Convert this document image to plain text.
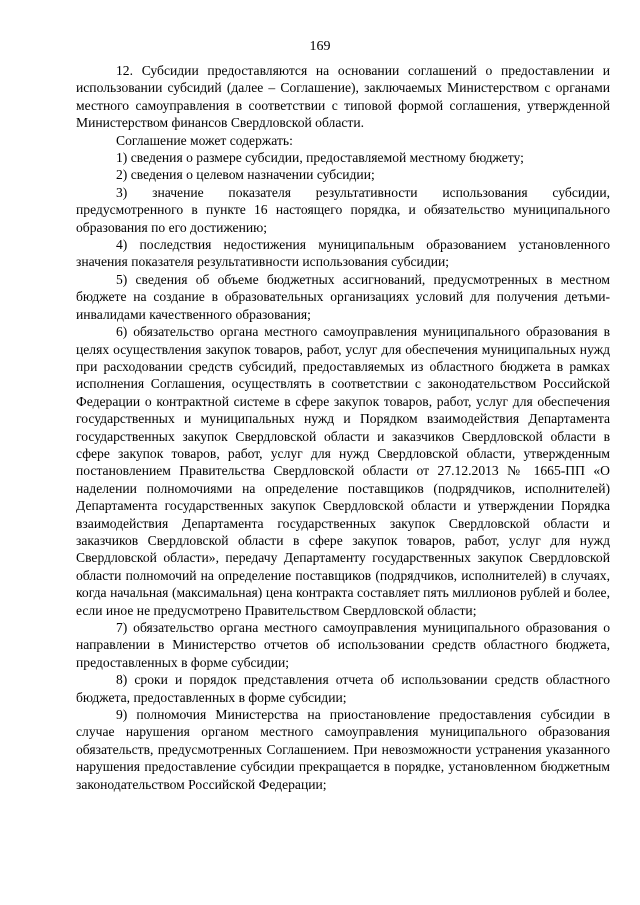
169

12. Субсидии предоставляются на основании соглашений о предоставлении и использовании субсидий (далее – Соглашение), заключаемых Министерством с органами местного самоуправления в соответствии с типовой формой соглашения, утвержденной Министерством финансов Свердловской области.

Соглашение может содержать:

1) сведения о размере субсидии, предоставляемой местному бюджету;

2) сведения о целевом назначении субсидии;

3) значение показателя результативности использования субсидии, предусмотренного в пункте 16 настоящего порядка, и обязательство муниципального образования по его достижению;

4) последствия недостижения муниципальным образованием установленного значения показателя результативности использования субсидии;

5) сведения об объеме бюджетных ассигнований, предусмотренных в местном бюджете на создание в образовательных организациях условий для получения детьми-инвалидами качественного образования;

6) обязательство органа местного самоуправления муниципального образования в целях осуществления закупок товаров, работ, услуг для обеспечения муниципальных нужд при расходовании средств субсидий, предоставляемых из областного бюджета в рамках исполнения Соглашения, осуществлять в соответствии с законодательством Российской Федерации о контрактной системе в сфере закупок товаров, работ, услуг для обеспечения государственных и муниципальных нужд и Порядком взаимодействия Департамента государственных закупок Свердловской области и заказчиков Свердловской области в сфере закупок товаров, работ, услуг для нужд Свердловской области, утвержденным постановлением Правительства Свердловской области от 27.12.2013 № 1665-ПП «О наделении полномочиями на определение поставщиков (подрядчиков, исполнителей) Департамента государственных закупок Свердловской области и утверждении Порядка взаимодействия Департамента государственных закупок Свердловской области и заказчиков Свердловской области в сфере закупок товаров, работ, услуг для нужд Свердловской области», передачу Департаменту государственных закупок Свердловской области полномочий на определение поставщиков (подрядчиков, исполнителей) в случаях, когда начальная (максимальная) цена контракта составляет пять миллионов рублей и более, если иное не предусмотрено Правительством Свердловской области;

7) обязательство органа местного самоуправления муниципального образования о направлении в Министерство отчетов об использовании средств областного бюджета, предоставленных в форме субсидии;

8) сроки и порядок представления отчета об использовании средств областного бюджета, предоставленных в форме субсидии;

9) полномочия Министерства на приостановление предоставления субсидии в случае нарушения органом местного самоуправления муниципального образования обязательств, предусмотренных Соглашением. При невозможности устранения указанного нарушения предоставление субсидии прекращается в порядке, установленном бюджетным законодательством Российской Федерации;
